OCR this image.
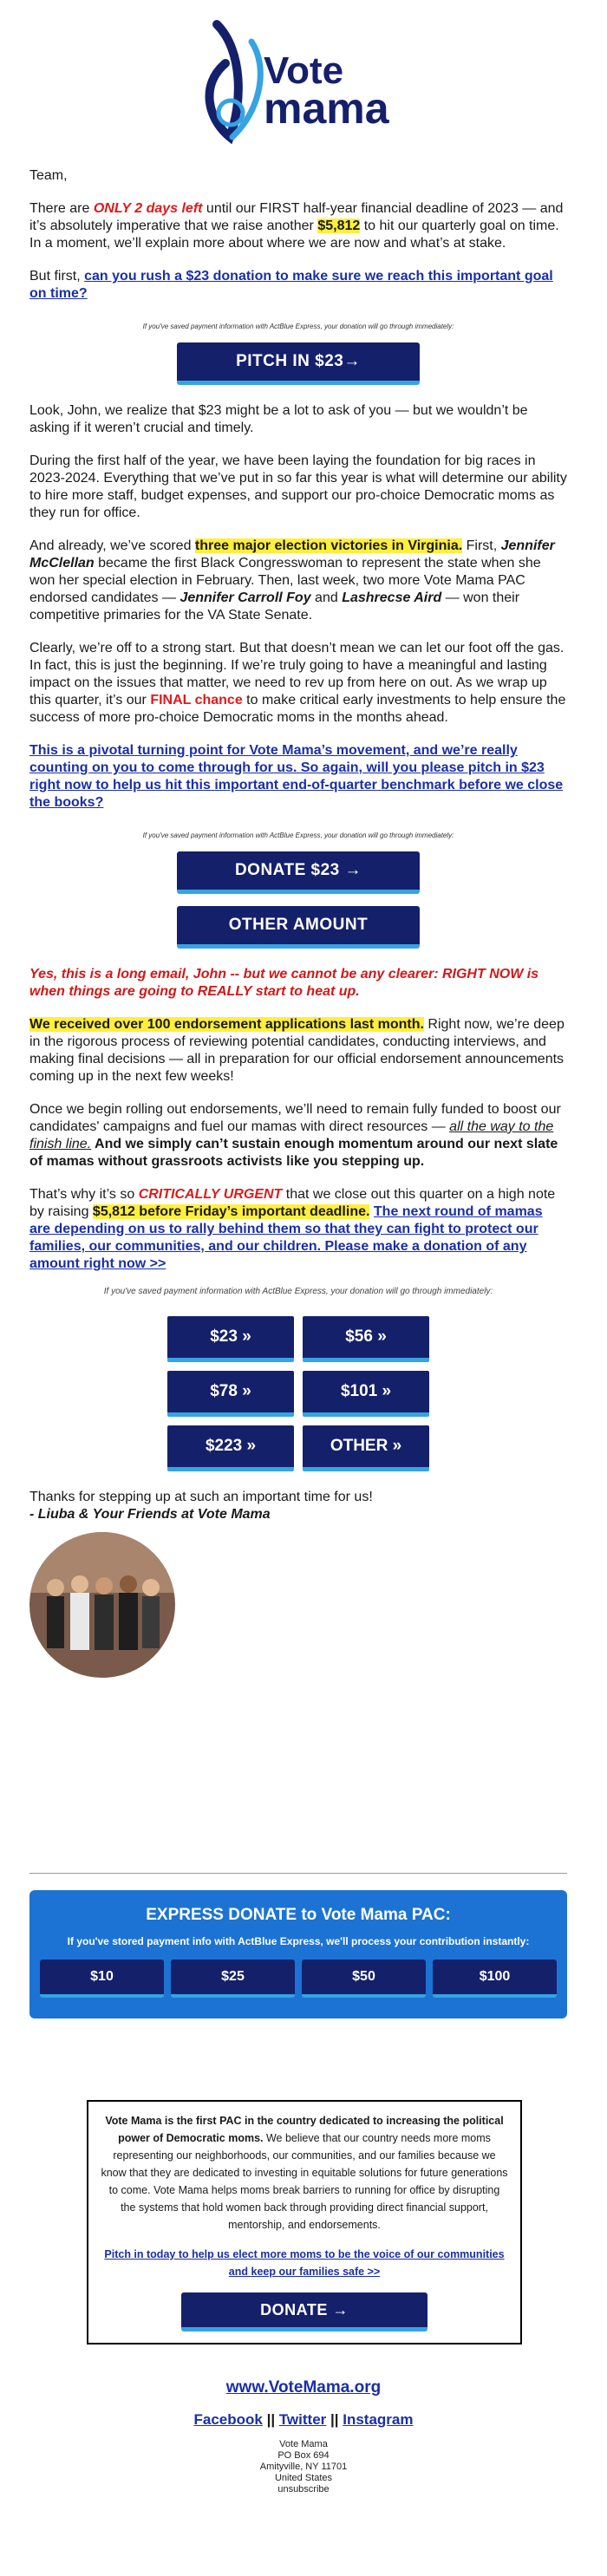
Vote
mama

Team,

There are ONLY 2 days left until our FIRST half-year financial deadline of 2023 — and it’s absolutely imperative that we raise another $5,812 to hit our quarterly goal on time. In a moment, we’ll explain more about where we are now and what’s at stake.

But first, can you rush a $23 donation to make sure we reach this important goal on time?

If you've saved payment information with ActBlue Express, your donation will go through immediately:
PITCH IN $23→

Look, John, we realize that $23 might be a lot to ask of you — but we wouldn’t be asking if it weren’t crucial and timely.

During the first half of the year, we have been laying the foundation for big races in 2023-2024. Everything that we’ve put in so far this year is what will determine our ability to hire more staff, budget expenses, and support our pro-choice Democratic moms as they run for office.

And already, we’ve scored three major election victories in Virginia. First, Jennifer McClellan became the first Black Congresswoman to represent the state when she won her special election in February. Then, last week, two more Vote Mama PAC endorsed candidates — Jennifer Carroll Foy and Lashrecse Aird — won their competitive primaries for the VA State Senate.

Clearly, we’re off to a strong start. But that doesn’t mean we can let our foot off the gas. In fact, this is just the beginning. If we’re truly going to have a meaningful and lasting impact on the issues that matter, we need to rev up from here on out. As we wrap up this quarter, it’s our FINAL chance to make critical early investments to help ensure the success of more pro-choice Democratic moms in the months ahead.

This is a pivotal turning point for Vote Mama’s movement, and we’re really counting on you to come through for us. So again, will you please pitch in $23 right now to help us hit this important end-of-quarter benchmark before we close the books?

If you've saved payment information with ActBlue Express, your donation will go through immediately:
DONATE $23 →
OTHER AMOUNT

Yes, this is a long email, John -- but we cannot be any clearer: RIGHT NOW is when things are going to REALLY start to heat up.

We received over 100 endorsement applications last month. Right now, we’re deep in the rigorous process of reviewing potential candidates, conducting interviews, and making final decisions — all in preparation for our official endorsement announcements coming up in the next few weeks!

Once we begin rolling out endorsements, we’ll need to remain fully funded to boost our candidates' campaigns and fuel our mamas with direct resources — all the way to the finish line. And we simply can’t sustain enough momentum around our next slate of mamas without grassroots activists like you stepping up.

That’s why it’s so CRITICALLY URGENT that we close out this quarter on a high note by raising $5,812 before Friday’s important deadline. The next round of mamas are depending on us to rally behind them so that they can fight to protect our families, our communities, and our children. Please make a donation of any amount right now >>

If you've saved payment information with ActBlue Express, your donation will go through immediately:
$23 »	$56 »
$78 »	$101 »
$223 »	OTHER »

Thanks for stepping up at such an important time for us!

- Liuba & Your Friends at Vote Mama

EXPRESS DONATE to Vote Mama PAC:
If you've stored payment info with ActBlue Express, we'll process your contribution instantly:
$10	$25	$50	$100
Vote Mama is the first PAC in the country dedicated to increasing the political power of Democratic moms. We believe that our country needs more moms representing our neighborhoods, our communities, and our families because we know that they are dedicated to investing in equitable solutions for future generations to come. Vote Mama helps moms break barriers to running for office by disrupting the systems that hold women back through providing direct financial support, mentorship, and endorsements.
Pitch in today to help us elect more moms to be the voice of our communities and keep our families safe >>
DONATE →
www.VoteMama.org
Facebook || Twitter || Instagram
Vote Mama
PO Box 694
Amityville, NY 11701
United States
unsubscribe
